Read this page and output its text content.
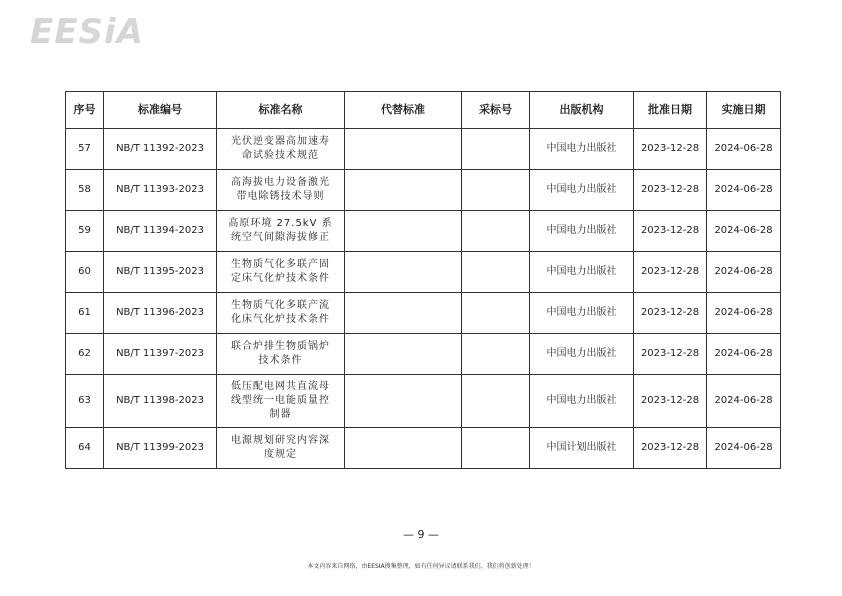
EESiA
序号	标准编号	标准名称	代替标准	采标号	出版机构	批准日期	实施日期
57	NB/T 11392-2023	光伏逆变器高加速寿命试验技术规范			中国电力出版社	2023-12-28	2024-06-28
58	NB/T 11393-2023	高海拔电力设备激光带电除锈技术导则			中国电力出版社	2023-12-28	2024-06-28
59	NB/T 11394-2023	高原环境 27.5kV 系统空气间隙海拔修正			中国电力出版社	2023-12-28	2024-06-28
60	NB/T 11395-2023	生物质气化多联产固定床气化炉技术条件			中国电力出版社	2023-12-28	2024-06-28
61	NB/T 11396-2023	生物质气化多联产流化床气化炉技术条件			中国电力出版社	2023-12-28	2024-06-28
62	NB/T 11397-2023	联合炉排生物质锅炉技术条件			中国电力出版社	2023-12-28	2024-06-28
63	NB/T 11398-2023	低压配电网共直流母线型统一电能质量控制器			中国电力出版社	2023-12-28	2024-06-28
64	NB/T 11399-2023	电源规划研究内容深度规定			中国计划出版社	2023-12-28	2024-06-28
— 9 —
本文内容来自网络，由EESIA搜集整理，如有任何异议请联系我们，我们将创新处理！
